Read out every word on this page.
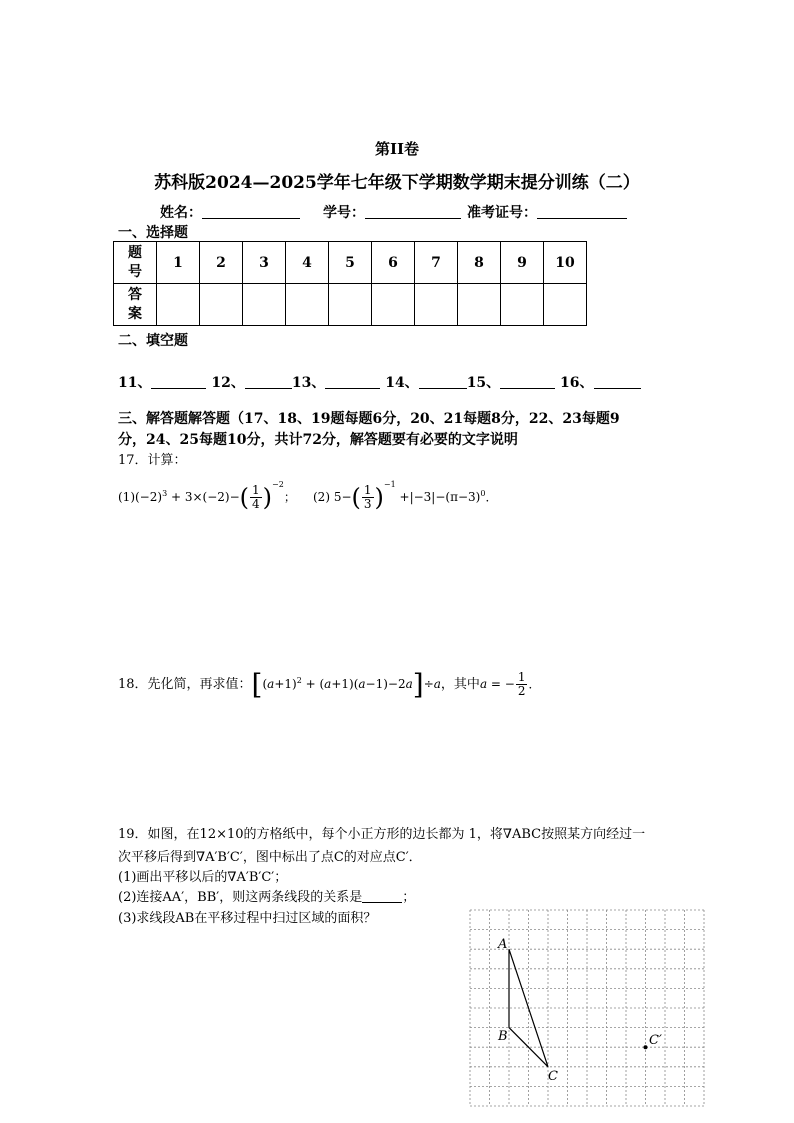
第II卷
苏科版2024—2025学年七年级下学期数学期末提分训练（二）
姓名：	学号：	准考证号：
一、选择题
题号	1	2	3	4	5	6	7	8	9	10

答案										

二、填空题
11、	12、	13、	14、	15、	16、
三、解答题解答题（17、18、19题每题6分，20、21每题8分，22、23每题9
分，24、25每题10分，共计72分，解答题要有必要的文字说明
17．计算：
$(1)(-2)^3 + 3\times(-2)-( \frac{1}{4} )^{-2}$； (2) $5-( \frac{1}{3} )^{-1} +|-3|-(\pi-3)^0$．
18．先化简，再求值：$[(a+1)^2 + (a+1)(a-1)-2a]\div a$，其中a = − $\frac{1}{2}$ ．
19．如图，在12×10的方格纸中，每个小正方形的边长都为 1，将∇ABC按照某方向经过一
次平移后得到∇A′B′C′，图中标出了点C的对应点C′．
(1)画出平移以后的∇A′B′C′；
(2)连接AA′，BB′，则这两条线段的关系是	；
(3)求线段AB在平移过程中扫过区域的面积？
A
B
C
C′
